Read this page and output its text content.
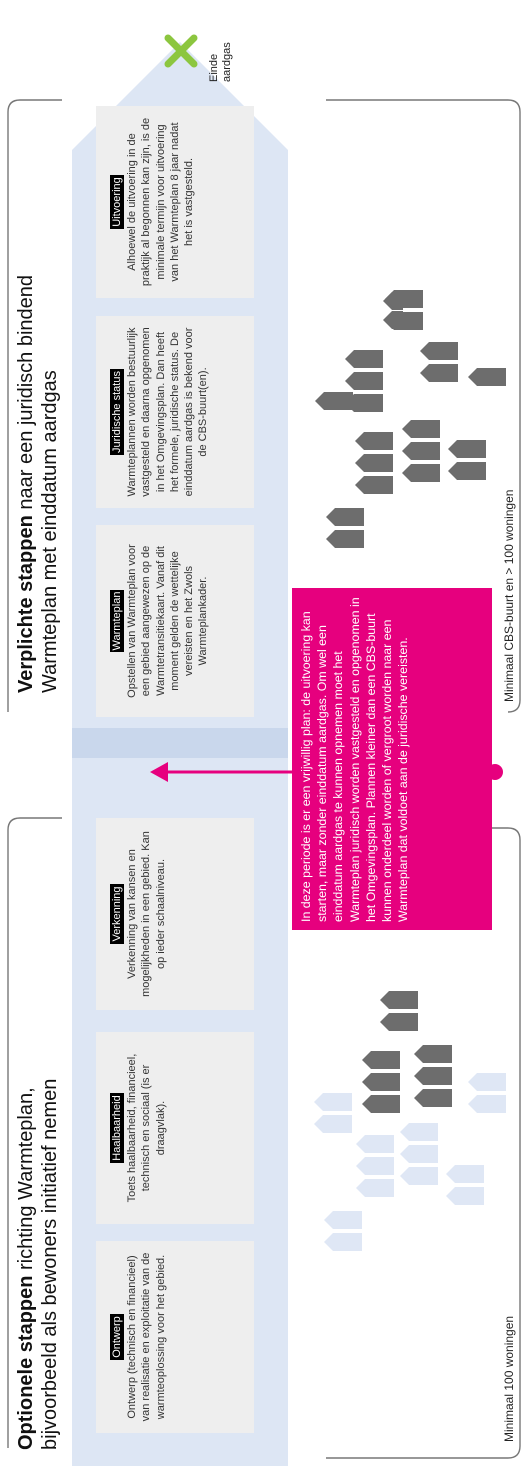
Einde aardgas
Verplichte stappen naar een juridisch bindend Warmteplan met einddatum aardgas
Optionele stappen richting Warmteplan, bijvoorbeeld als bewoners initiatief nemen
Warmteplan Opstellen van Warmteplan voor een gebied aangewezen op de Warmtetransitiekaart. Vanaf dit moment gelden de wettelijke vereisten en het Zwols Warmteplankader.
Juridische status Warmteplannen worden bestuurlijk vastgesteld en daarna opgenomen in het Omgevingsplan. Dan heeft het formele, juridische status. De einddatum aardgas is bekend voor de CBS-buurt(en).
Uitvoering Alhoewel de uitvoering in de praktijk al begonnen kan zijn, is de minimale termijn voor uitvoering van het Warmteplan 8 jaar nadat het is vastgesteld.
Ontwerp Ontwerp (technisch en financieel) van realisatie en exploitatie van de warmteoplossing voor het gebied.
Haalbaarheid Toets haalbaarheid, financieel, technisch en sociaal (is er draagvlak).
Verkenning Verkenning van kansen en mogelijkheden in een gebied. Kan op ieder schaalniveau.	In deze periode is er een vrijwillig plan: de uitvoering kan starten, maar zonder einddatum aardgas. Om wel een einddatum aardgas te kunnen opnemen moet het Warmteplan juridisch worden vastgesteld en opgenomen in het Omgevingsplan. Plannen kleiner dan een CBS-buurt kunnen onderdeel worden of vergroot worden naar een Warmteplan dat voldoet aan de juridische vereisten.
Minimaal CBS-buurt en > 100 woningen
Minimaal 100 woningen
